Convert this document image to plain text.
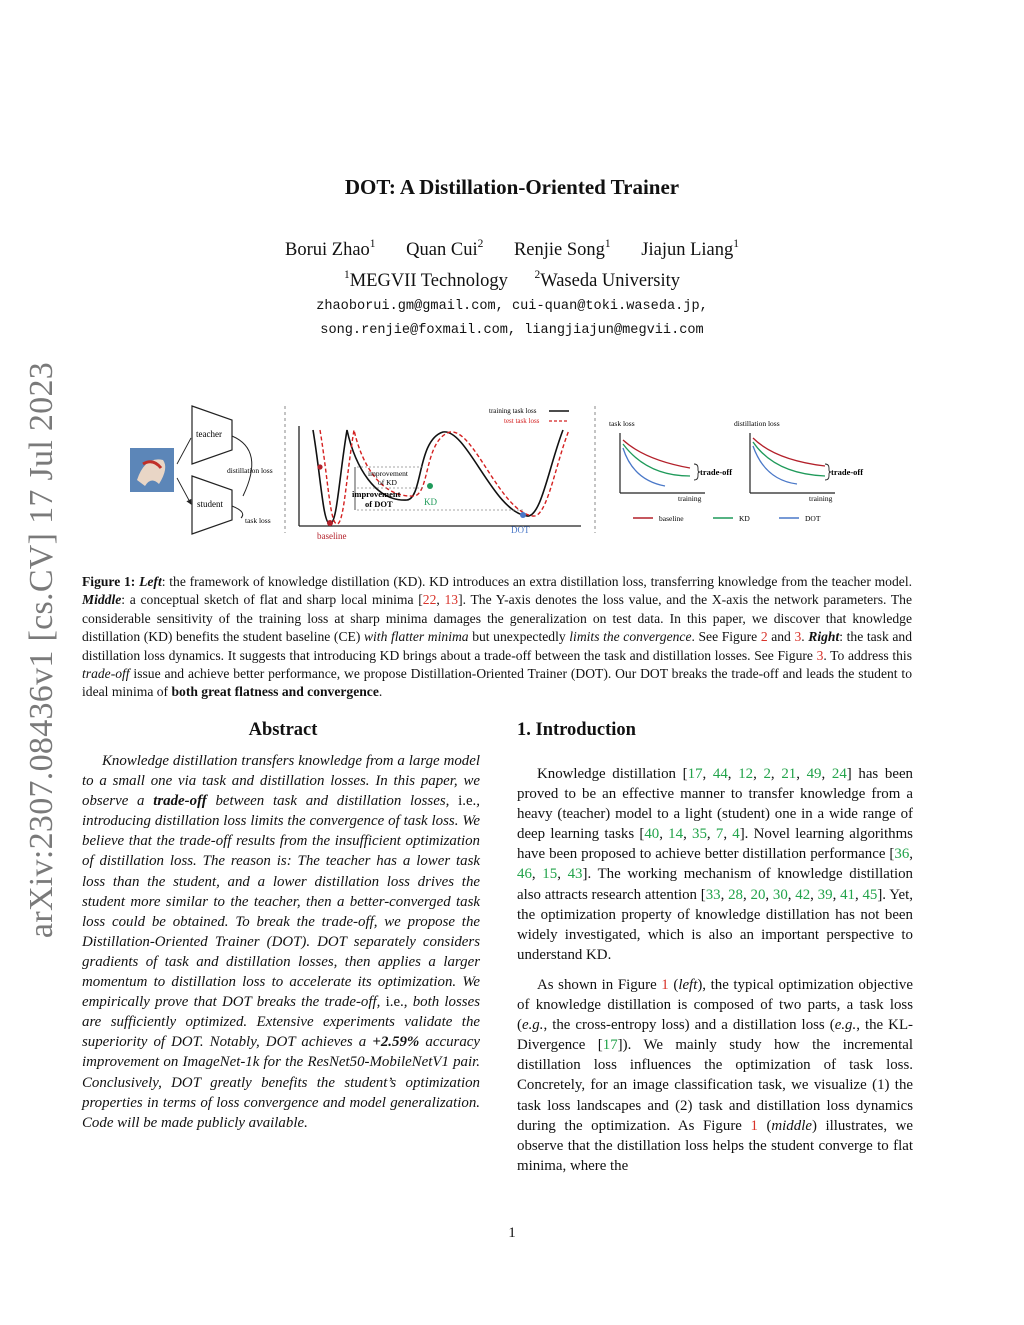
arXiv:2307.08436v1 [cs.CV] 17 Jul 2023
DOT: A Distillation-Oriented Trainer
Borui Zhao$^1$ Quan Cui$^2$ Renjie Song$^1$ Jiajun Liang$^1$
$^1$MEGVII Technology $^2$Waseda University
zhaoborui.gm@gmail.com, cui-quan@toki.waseda.jp,
song.renjie@foxmail.com, liangjiajun@megvii.com
teacher
student
distillation loss
task loss
improvement
of KD
improvement
of DOT	KD
DOT
baseline
training task loss
test task loss	task loss
trade-off
training
distillation loss
trade-off
training
baseline	KD	DOT
Figure 1: Left: the framework of knowledge distillation (KD). KD introduces an extra distillation loss, transferring knowledge from the teacher model. Middle: a conceptual sketch of flat and sharp local minima [22, 13]. The Y-axis denotes the loss value, and the X-axis the network parameters. The considerable sensitivity of the training loss at sharp minima damages the generalization on test data. In this paper, we discover that knowledge distillation (KD) benefits the student baseline (CE) with flatter minima but unexpectedly limits the convergence. See Figure 2 and 3. Right: the task and distillation loss dynamics. It suggests that introducing KD brings about a trade-off between the task and distillation losses. See Figure 3. To address this trade-off issue and achieve better performance, we propose Distillation-Oriented Trainer (DOT). Our DOT breaks the trade-off and leads the student to ideal minima of both great flatness and convergence.
Abstract

Knowledge distillation transfers knowledge from a large model to a small one via task and distillation losses. In this paper, we observe a trade-off between task and distillation losses, i.e., introducing distillation loss limits the convergence of task loss. We believe that the trade-off results from the insufficient optimization of distillation loss. The reason is: The teacher has a lower task loss than the student, and a lower distillation loss drives the student more similar to the teacher, then a better-converged task loss could be obtained. To break the trade-off, we propose the Distillation-Oriented Trainer (DOT). DOT separately considers gradients of task and distillation losses, then applies a larger momentum to distillation loss to accelerate its optimization. We empirically prove that DOT breaks the trade-off, i.e., both losses are sufficiently optimized. Extensive experiments validate the superiority of DOT. Notably, DOT achieves a +2.59% accuracy improvement on ImageNet-1k for the ResNet50-MobileNetV1 pair. Conclusively, DOT greatly benefits the student’s optimization properties in terms of loss convergence and model generalization. Code will be made publicly available.

1. Introduction

Knowledge distillation [17, 44, 12, 2, 21, 49, 24] has been proved to be an effective manner to transfer knowledge from a heavy (teacher) model to a light (student) one in a wide range of deep learning tasks [40, 14, 35, 7, 4]. Novel learning algorithms have been proposed to achieve better distillation performance [36, 46, 15, 43]. The working mechanism of knowledge distillation also attracts research attention [33, 28, 20, 30, 42, 39, 41, 45]. Yet, the optimization property of knowledge distillation has not been widely investigated, which is also an important perspective to understand KD.

As shown in Figure 1 (left), the typical optimization objective of knowledge distillation is composed of two parts, a task loss (e.g., the cross-entropy loss) and a distillation loss (e.g., the KL-Divergence [17]). We mainly study how the incremental distillation loss influences the optimization of task loss. Concretely, for an image classification task, we visualize (1) the task loss landscapes and (2) task and distillation loss dynamics during the optimization. As Figure 1 (middle) illustrates, we observe that the distillation loss helps the student converge to flat minima, where the

1
